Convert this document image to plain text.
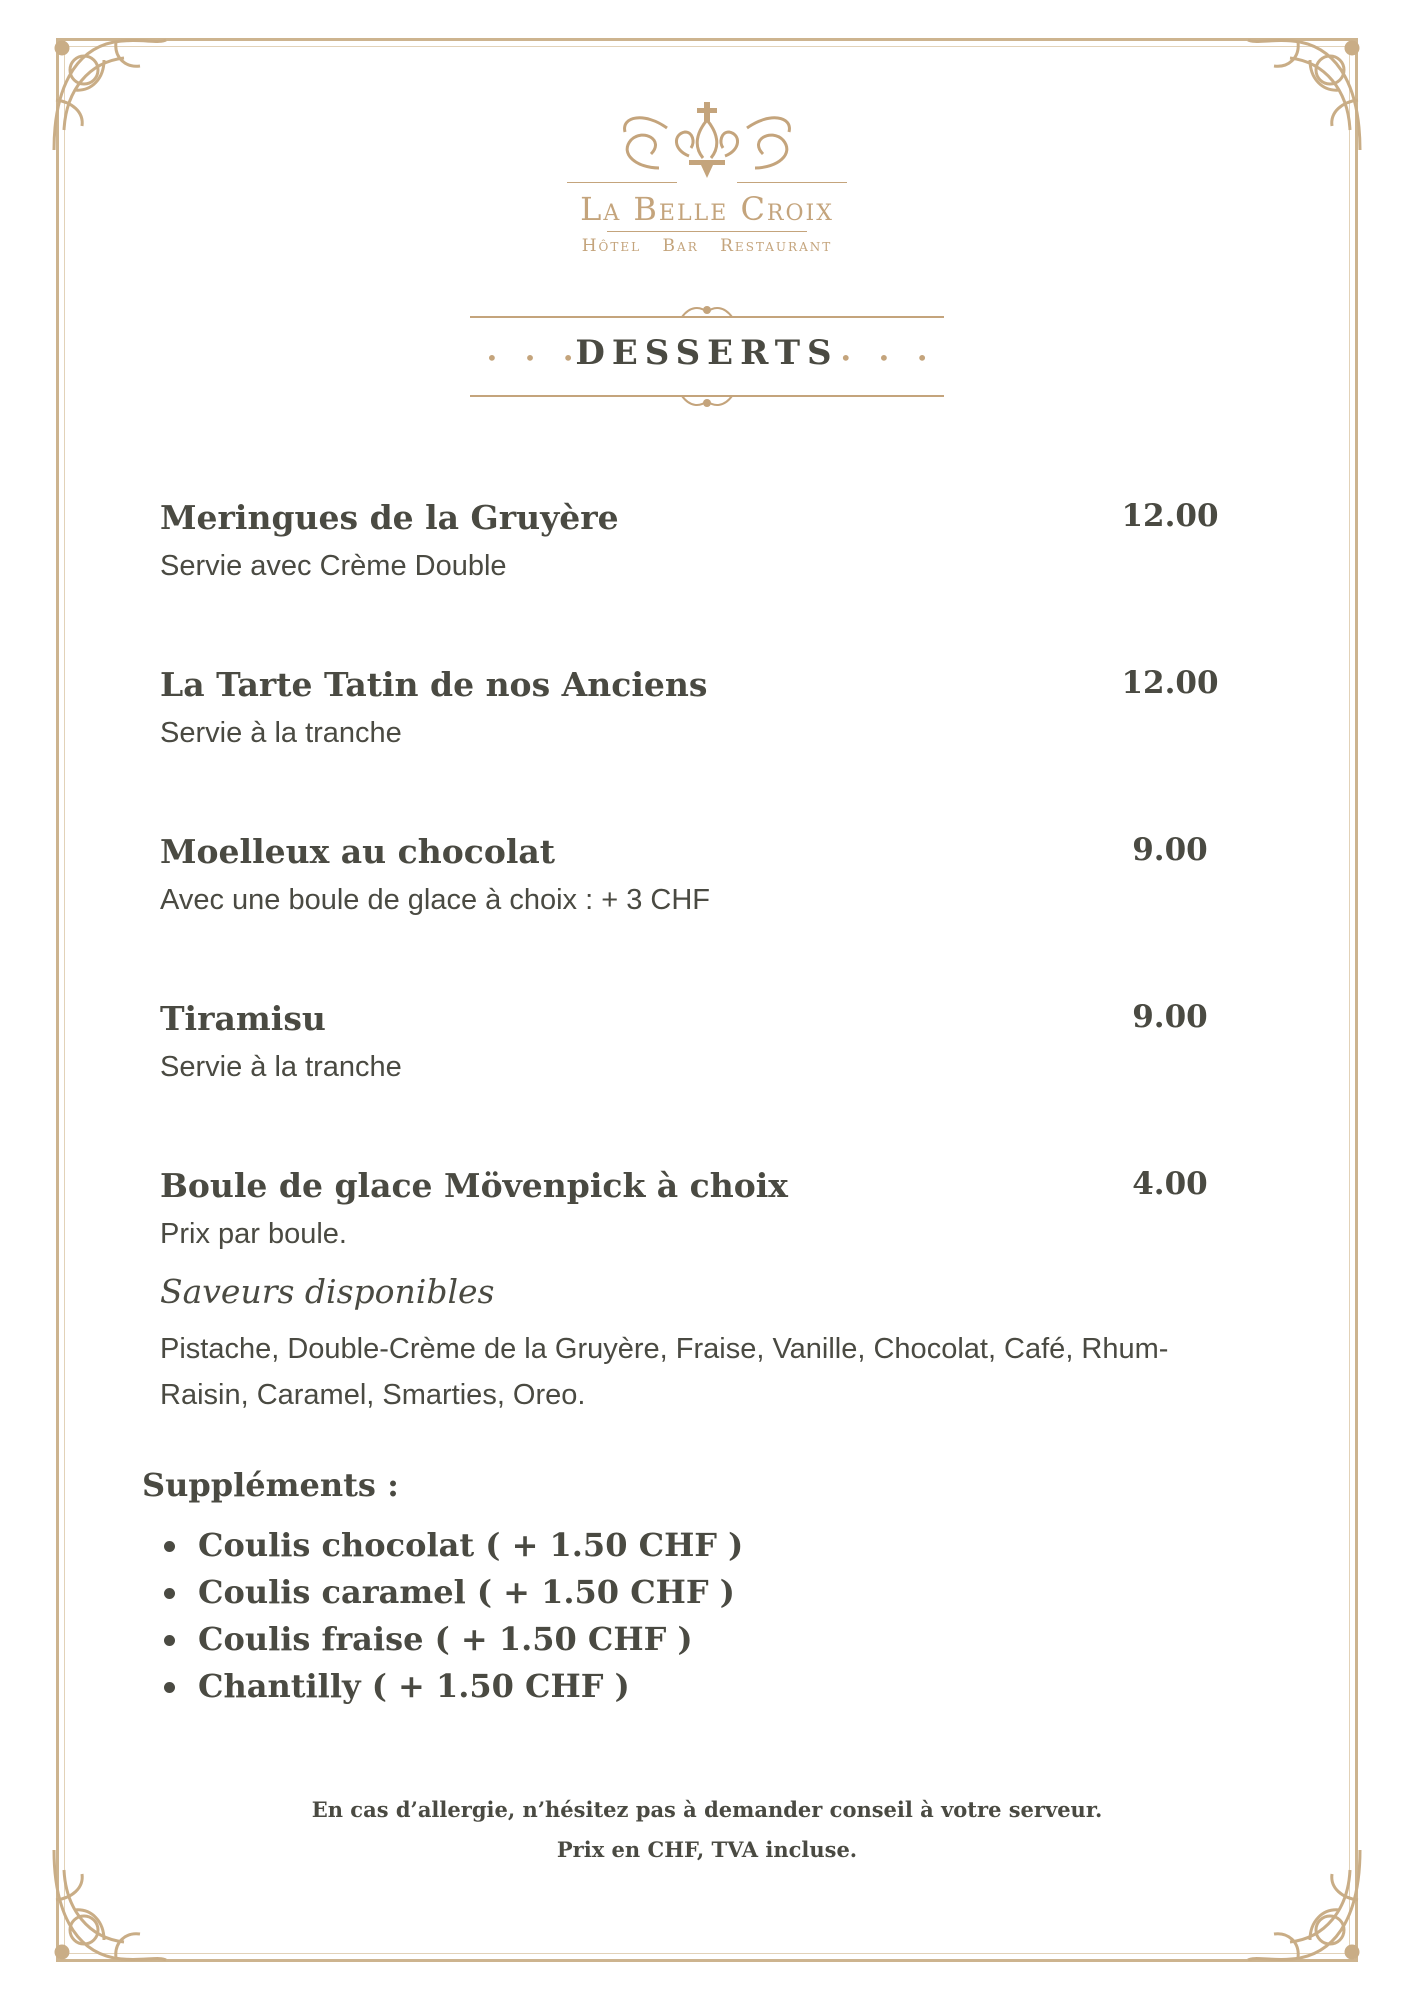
La Belle Croix
Hôtel Bar Restaurant
• • •
DESSERTS • • •
Meringues de la Gruyère	12.00
Servie avec Crème Double
La Tarte Tatin de nos Anciens	12.00
Servie à la tranche
Moelleux au chocolat	9.00
Avec une boule de glace à choix : + 3 CHF
Tiramisu	9.00
Servie à la tranche
Boule de glace Mövenpick à choix	4.00
Prix par boule.
Saveurs disponibles
Pistache, Double-Crème de la Gruyère, Fraise, Vanille, Chocolat, Café, Rhum-Raisin, Caramel, Smarties, Oreo.
Suppléments :
Coulis chocolat ( + 1.50 CHF )
Coulis caramel ( + 1.50 CHF )
Coulis fraise ( + 1.50 CHF )
Chantilly ( + 1.50 CHF )
En cas d’allergie, n’hésitez pas à demander conseil à votre serveur.
Prix en CHF, TVA incluse.
